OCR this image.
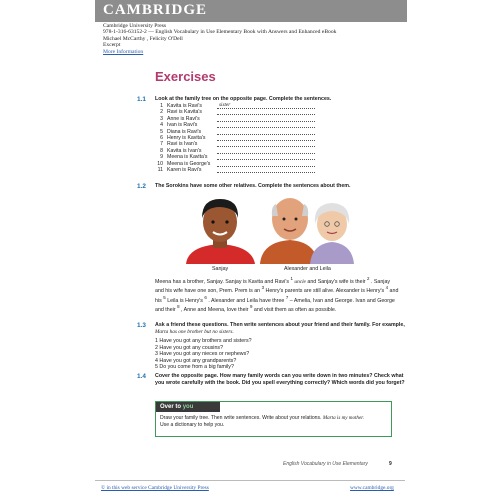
CAMBRIDGE
Cambridge University Press
978-1-316-63152-2 — English Vocabulary in Use Elementary Book with Answers and Enhanced eBook
Michael McCarthy , Felicity O'Dell
Excerpt
More Information
Exercises
1.1 Look at the family tree on the opposite page. Complete the sentences.
1 Kavita is Ravi's	sister
2 Ravi is Kavita's
3 Anne is Ravi's
4 Ivan is Ravi's
5 Diana is Ravi's
6 Henry is Kavita's
7 Ravi is Ivan's
8 Kavita is Ivan's
9 Meena is Kavita's
10 Meena is George's
11 Karen is Ravi's
1.2 The Sorokins have some other relatives. Complete the sentences about them.
Sanjay	Alexander and Leila
Meena has a brother, Sanjay. Sanjay is Kavita and Ravi's $^1$ uncle and Sanjay's wife is their $^2$ . Sanjay and his wife have one son, Prem. Prem is an $^3$ Henry's parents are still alive. Alexander is Henry's $^4$ and his $^5$ Leila is Henry's $^6$ . Alexander and Leila have three $^7$ – Amelia, Ivan and George. Ivan and George and their $^8$ , Anne and Meena, love their $^9$ and visit them as often as possible.
1.3 Ask a friend these questions. Then write sentences about your friend and their family. For example, Marta has one brother but no sisters.
1 Have you got any brothers and sisters?
2 Have you got any cousins?
3 Have you got any nieces or nephews?
4 Have you got any grandparents?
5 Do you come from a big family?
1.4 Cover the opposite page. How many family words can you write down in two minutes? Check what you wrote carefully with the book. Did you spell everything correctly? Which words did you forget?
Over to you
Draw your family tree. Then write sentences. Write about your relations. Marta is my mother.
Use a dictionary to help you.
English Vocabulary in Use Elementary	9
© in this web service Cambridge University Press	www.cambridge.org
